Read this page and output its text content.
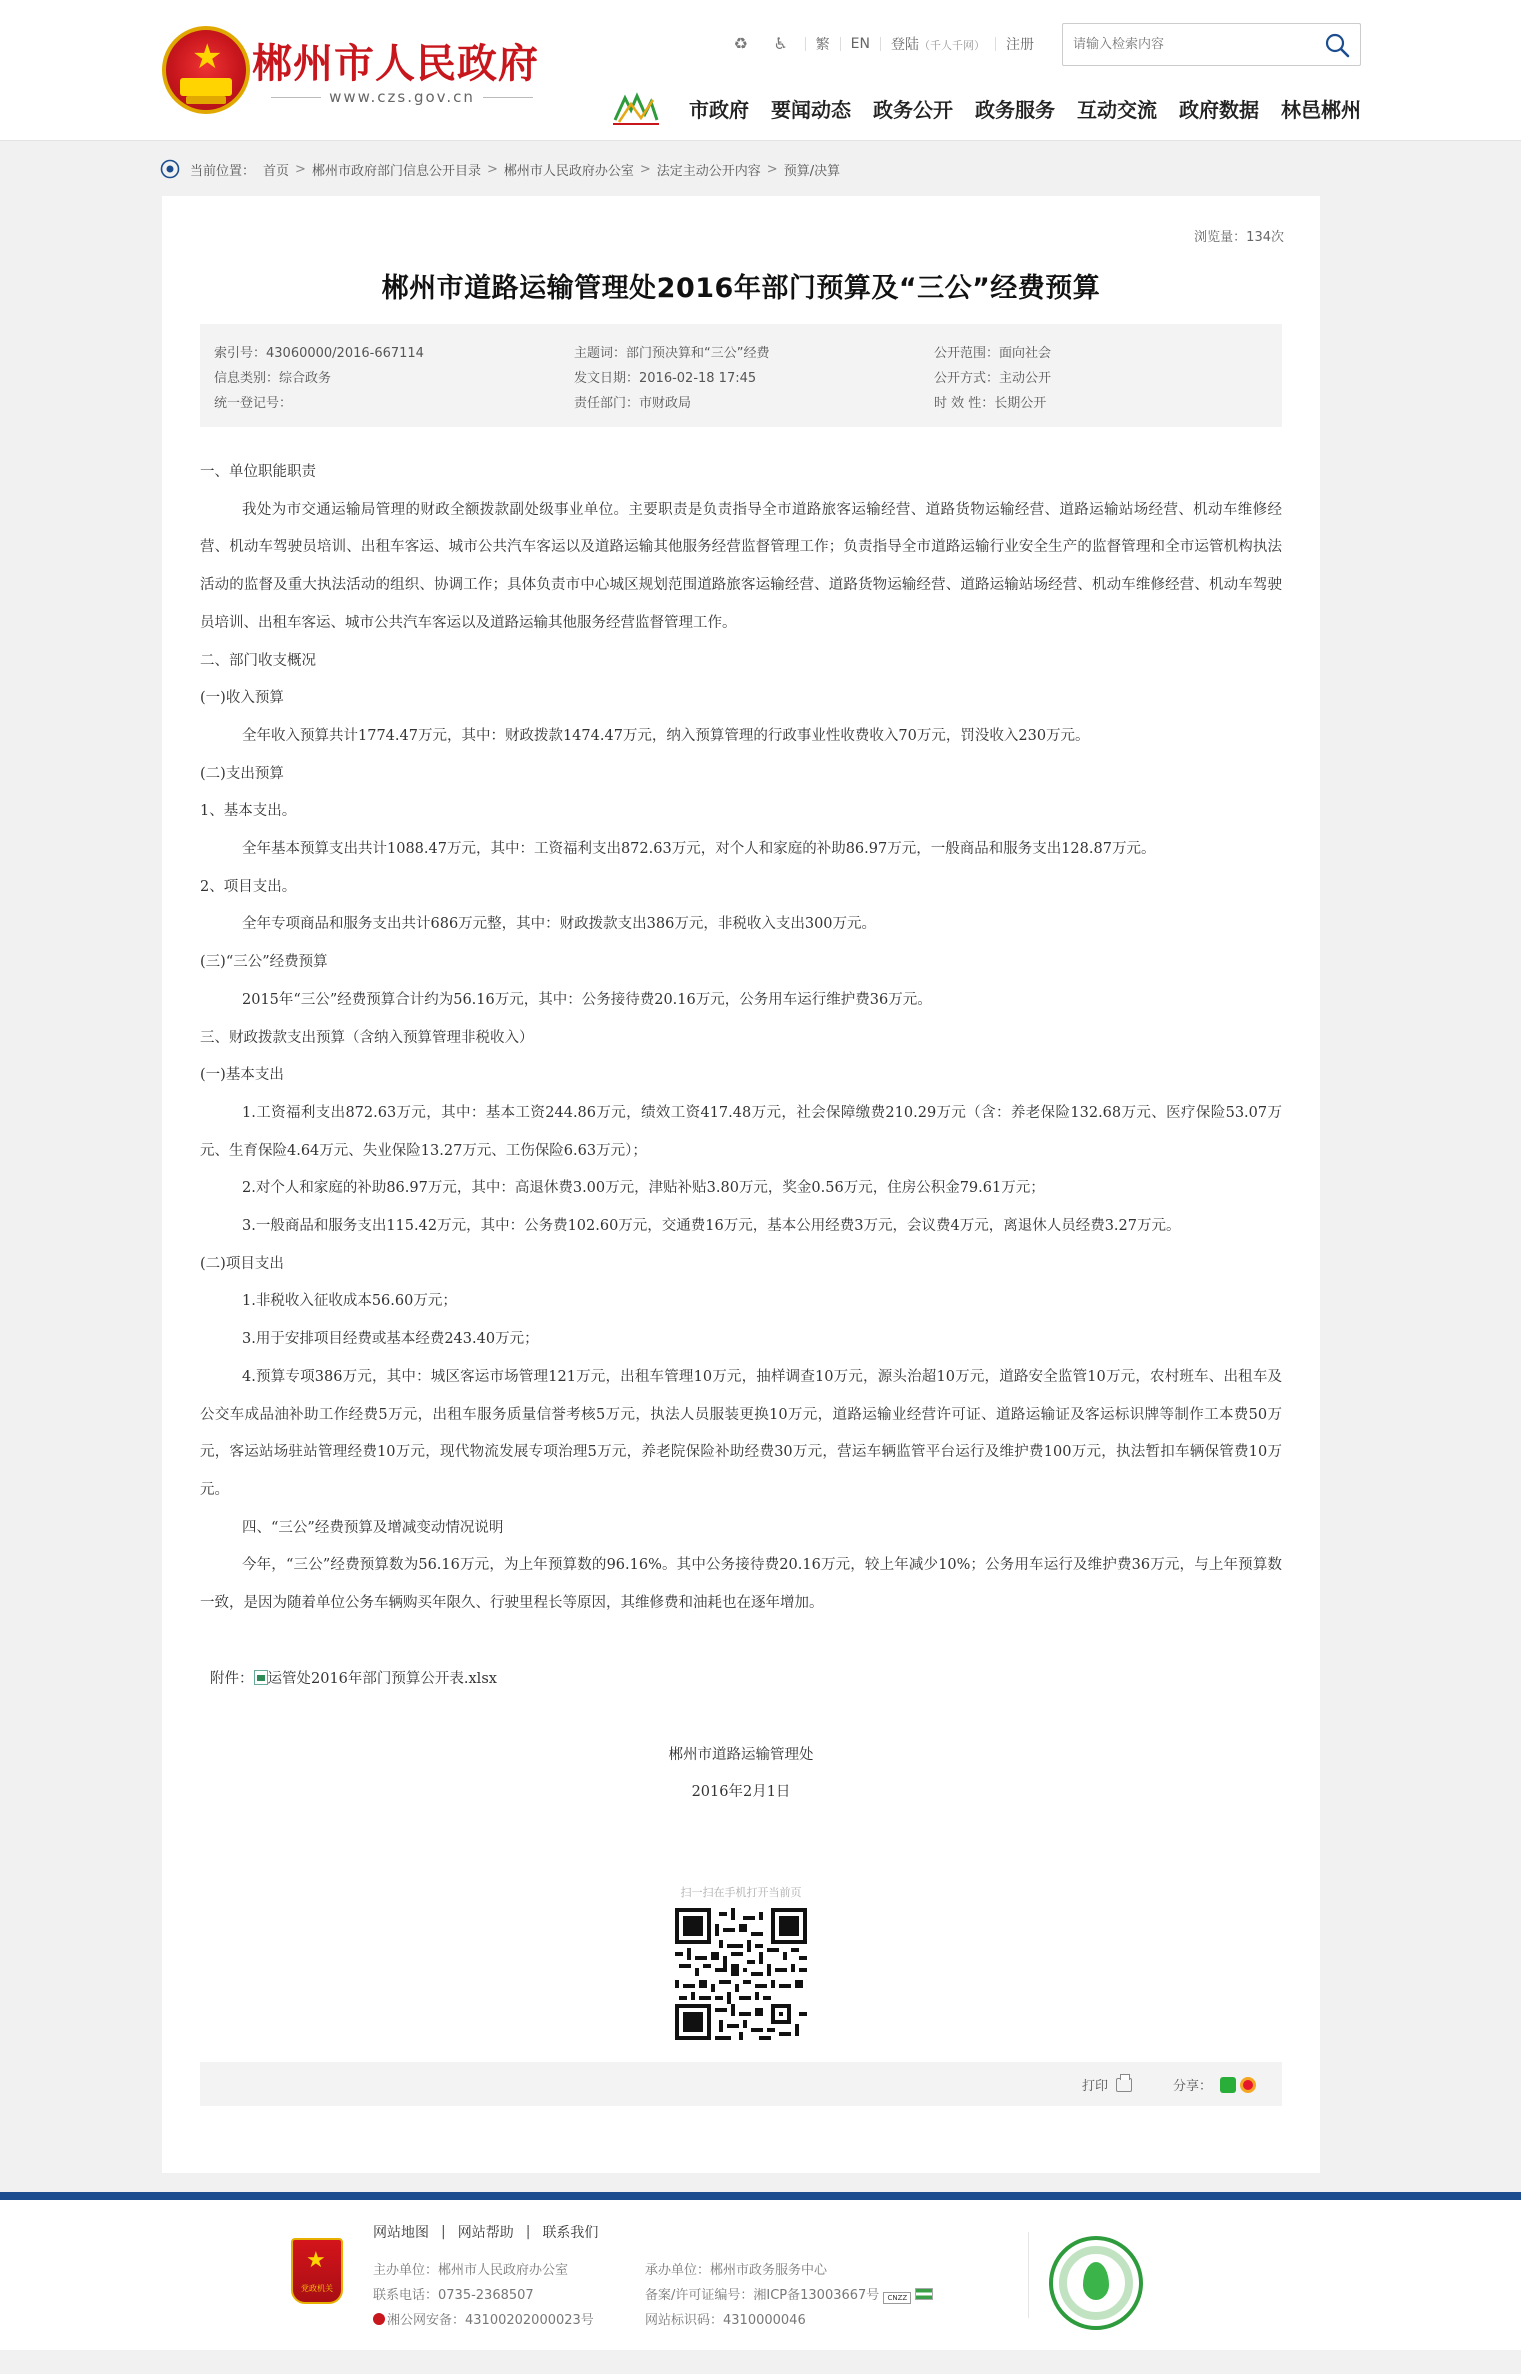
★ 郴州市人民政府
www.czs.gov.cn
♻ ♿ 繁 EN 登陆（千人千网） 注册
请输入检索内容
市政府 要闻动态 政务公开 政务服务 互动交流 政府数据 林邑郴州
当前位置： 首页 > 郴州市政府部门信息公开目录 > 郴州市人民政府办公室 > 法定主动公开内容 > 预算/决算
浏览量：134次
郴州市道路运输管理处2016年部门预算及“三公”经费预算
索引号：43060000/2016-667114
信息类别：综合政务
统一登记号：
主题词：部门预决算和“三公”经费
发文日期：2016-02-18 17:45
责任部门：市财政局
公开范围：面向社会
公开方式：主动公开
时 效 性：长期公开

一、单位职能职责

我处为市交通运输局管理的财政全额拨款副处级事业单位。主要职责是负责指导全市道路旅客运输经营、道路货物运输经营、道路运输站场经营、机动车维修经营、机动车驾驶员培训、出租车客运、城市公共汽车客运以及道路运输其他服务经营监督管理工作；负责指导全市道路运输行业安全生产的监督管理和全市运管机构执法活动的监督及重大执法活动的组织、协调工作；具体负责市中心城区规划范围道路旅客运输经营、道路货物运输经营、道路运输站场经营、机动车维修经营、机动车驾驶员培训、出租车客运、城市公共汽车客运以及道路运输其他服务经营监督管理工作。

二、部门收支概况

(一)收入预算

全年收入预算共计1774.47万元，其中：财政拨款1474.47万元，纳入预算管理的行政事业性收费收入70万元，罚没收入230万元。

(二)支出预算

1、基本支出。

全年基本预算支出共计1088.47万元，其中：工资福利支出872.63万元，对个人和家庭的补助86.97万元，一般商品和服务支出128.87万元。

2、项目支出。

全年专项商品和服务支出共计686万元整，其中：财政拨款支出386万元，非税收入支出300万元。

(三)“三公”经费预算

2015年“三公”经费预算合计约为56.16万元，其中：公务接待费20.16万元，公务用车运行维护费36万元。

三、财政拨款支出预算（含纳入预算管理非税收入）

(一)基本支出

1.工资福利支出872.63万元，其中：基本工资244.86万元，绩效工资417.48万元，社会保障缴费210.29万元（含：养老保险132.68万元、医疗保险53.07万元、生育保险4.64万元、失业保险13.27万元、工伤保险6.63万元）；

2.对个人和家庭的补助86.97万元，其中：高退休费3.00万元，津贴补贴3.80万元，奖金0.56万元，住房公积金79.61万元；

3.一般商品和服务支出115.42万元，其中：公务费102.60万元，交通费16万元，基本公用经费3万元，会议费4万元，离退休人员经费3.27万元。

(二)项目支出

1.非税收入征收成本56.60万元；

3.用于安排项目经费或基本经费243.40万元；

4.预算专项386万元，其中：城区客运市场管理121万元，出租车管理10万元，抽样调查10万元，源头治超10万元，道路安全监管10万元，农村班车、出租车及公交车成品油补助工作经费5万元，出租车服务质量信誉考核5万元，执法人员服装更换10万元，道路运输业经营许可证、道路运输证及客运标识牌等制作工本费50万元，客运站场驻站管理经费10万元，现代物流发展专项治理5万元，养老院保险补助经费30万元，营运车辆监管平台运行及维护费100万元，执法暂扣车辆保管费10万元。

四、“三公”经费预算及增减变动情况说明

今年，“三公”经费预算数为56.16万元，为上年预算数的96.16%。其中公务接待费20.16万元，较上年减少10%；公务用车运行及维护费36万元，与上年预算数一致，是因为随着单位公务车辆购买年限久、行驶里程长等原因，其维修费和油耗也在逐年增加。

附件： 运管处2016年部门预算公开表.xlsx

郴州市道路运输管理处

2016年2月1日

扫一扫在手机打开当前页
打印	分享：
★
党政机关
网站地图 | 网站帮助 | 联系我们
主办单位：郴州市人民政府办公室
联系电话：0735-2368507
湘公网安备：43100202000023号
承办单位：郴州市政务服务中心
备案/许可证编号：湘ICP备13003667号 CNZZ
网站标识码：4310000046
